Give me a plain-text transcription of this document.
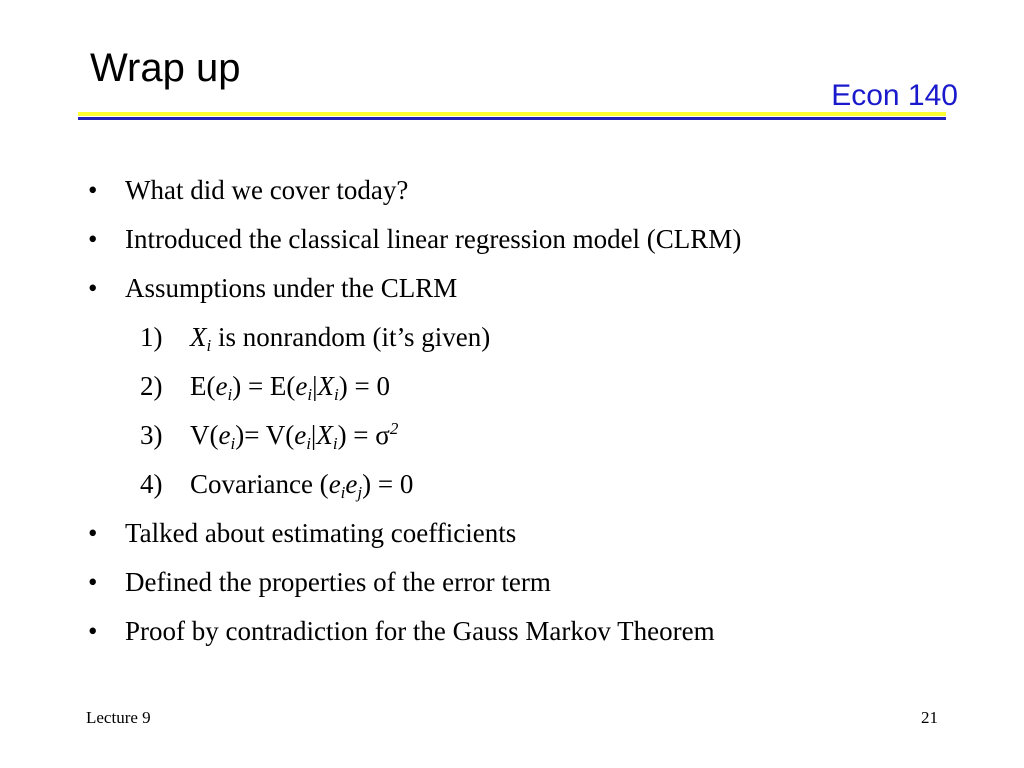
Wrap up
Econ 140
• What did we cover today?
• Introduced the classical linear regression model (CLRM)
• Assumptions under the CLRM
1) $X_i$ is nonrandom (it’s given)
2) $E(e_i) = E(e_i|X_i) = 0$
3) $V(e_i)= V(e_i|X_i) = \sigma^2$
4) Covariance $(e_ie_j) = 0$
• Talked about estimating coefficients
• Defined the properties of the error term
• Proof by contradiction for the Gauss Markov Theorem
Lecture 9	21
